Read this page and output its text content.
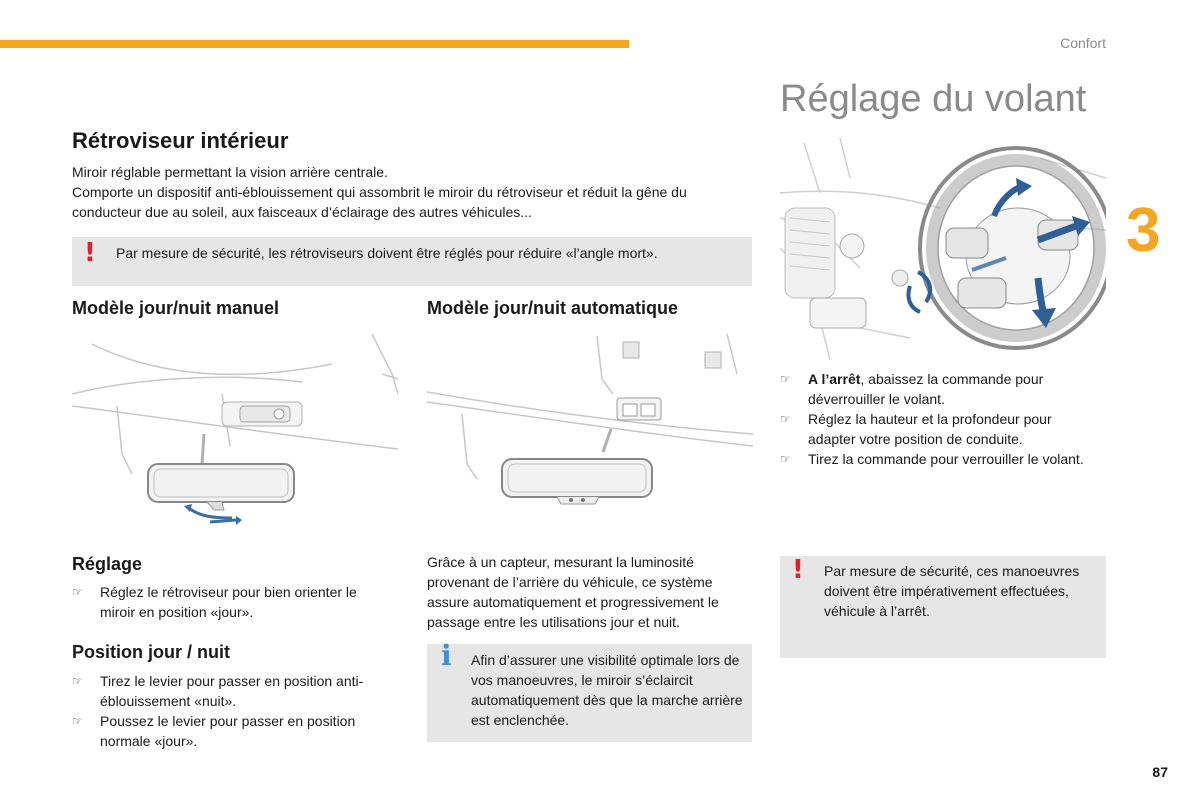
Confort
3
Réglage du volant
Rétroviseur intérieur
Miroir réglable permettant la vision arrière centrale.
Comporte un dispositif anti-éblouissement qui assombrit le miroir du rétroviseur et réduit la gêne du
conducteur due au soleil, aux faisceaux d’éclairage des autres véhicules...
! Par mesure de sécurité, les rétroviseurs doivent être réglés pour réduire «l’angle mort».
Modèle jour/nuit manuel	Modèle jour/nuit automatique
☞ A l’arrêt, abaissez la commande pour déverrouiller le volant.
☞ Réglez la hauteur et la profondeur pour adapter votre position de conduite.
☞ Tirez la commande pour verrouiller le volant.
! Par mesure de sécurité, ces manoeuvres doivent être impérativement effectuées, véhicule à l’arrêt.
Réglage
☞ Réglez le rétroviseur pour bien orienter le miroir en position «jour».
Position jour / nuit
☞ Tirez le levier pour passer en position anti-éblouissement «nuit».
☞ Poussez le levier pour passer en position normale «jour».
Grâce à un capteur, mesurant la luminosité provenant de l’arrière du véhicule, ce système assure automatiquement et progressivement le passage entre les utilisations jour et nuit.
i Afin d’assurer une visibilité optimale lors de vos manoeuvres, le miroir s’éclaircit automatiquement dès que la marche arrière est enclenchée.
87
